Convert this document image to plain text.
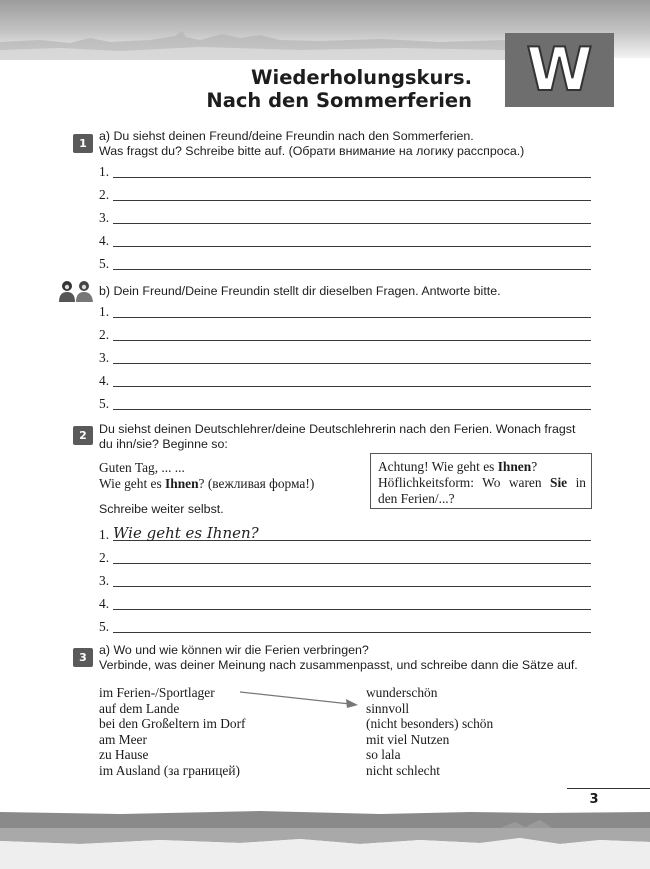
W
Wiederholungskurs.
Nach den Sommerferien
1
a) Du siehst deinen Freund/deine Freundin nach den Sommerferien.
Was fragst du? Schreibe bitte auf. (Обрати внимание на логику расспроса.)
1.
2.
3.
4.
5.
b) Dein Freund/Deine Freundin stellt dir dieselben Fragen. Antworte bitte.
1.
2.
3.
4.
5.
2 Du siehst deinen Deutschlehrer/deine Deutschlehrerin nach den Ferien. Wonach fragst
du ihn/sie? Beginne so:
Guten Tag, ... ...
Wie geht es Ihnen? (вежливая форма!)
Achtung! Wie geht es Ihnen?
Höflichkeitsform: Wo waren Sie in
den Ferien/...?
Schreibe weiter selbst.
1. Wie geht es Ihnen?
2.
3.
4.
5.
3
a) Wo und wie können wir die Ferien verbringen?
Verbinde, was deiner Meinung nach zusammenpasst, und schreibe dann die Sätze auf.
im Ferien-/Sportlager
auf dem Lande
bei den Großeltern im Dorf
am Meer
zu Hause
im Ausland (за границей)
wunderschön
sinnvoll
(nicht besonders) schön
mit viel Nutzen
so lala
nicht schlecht
3
